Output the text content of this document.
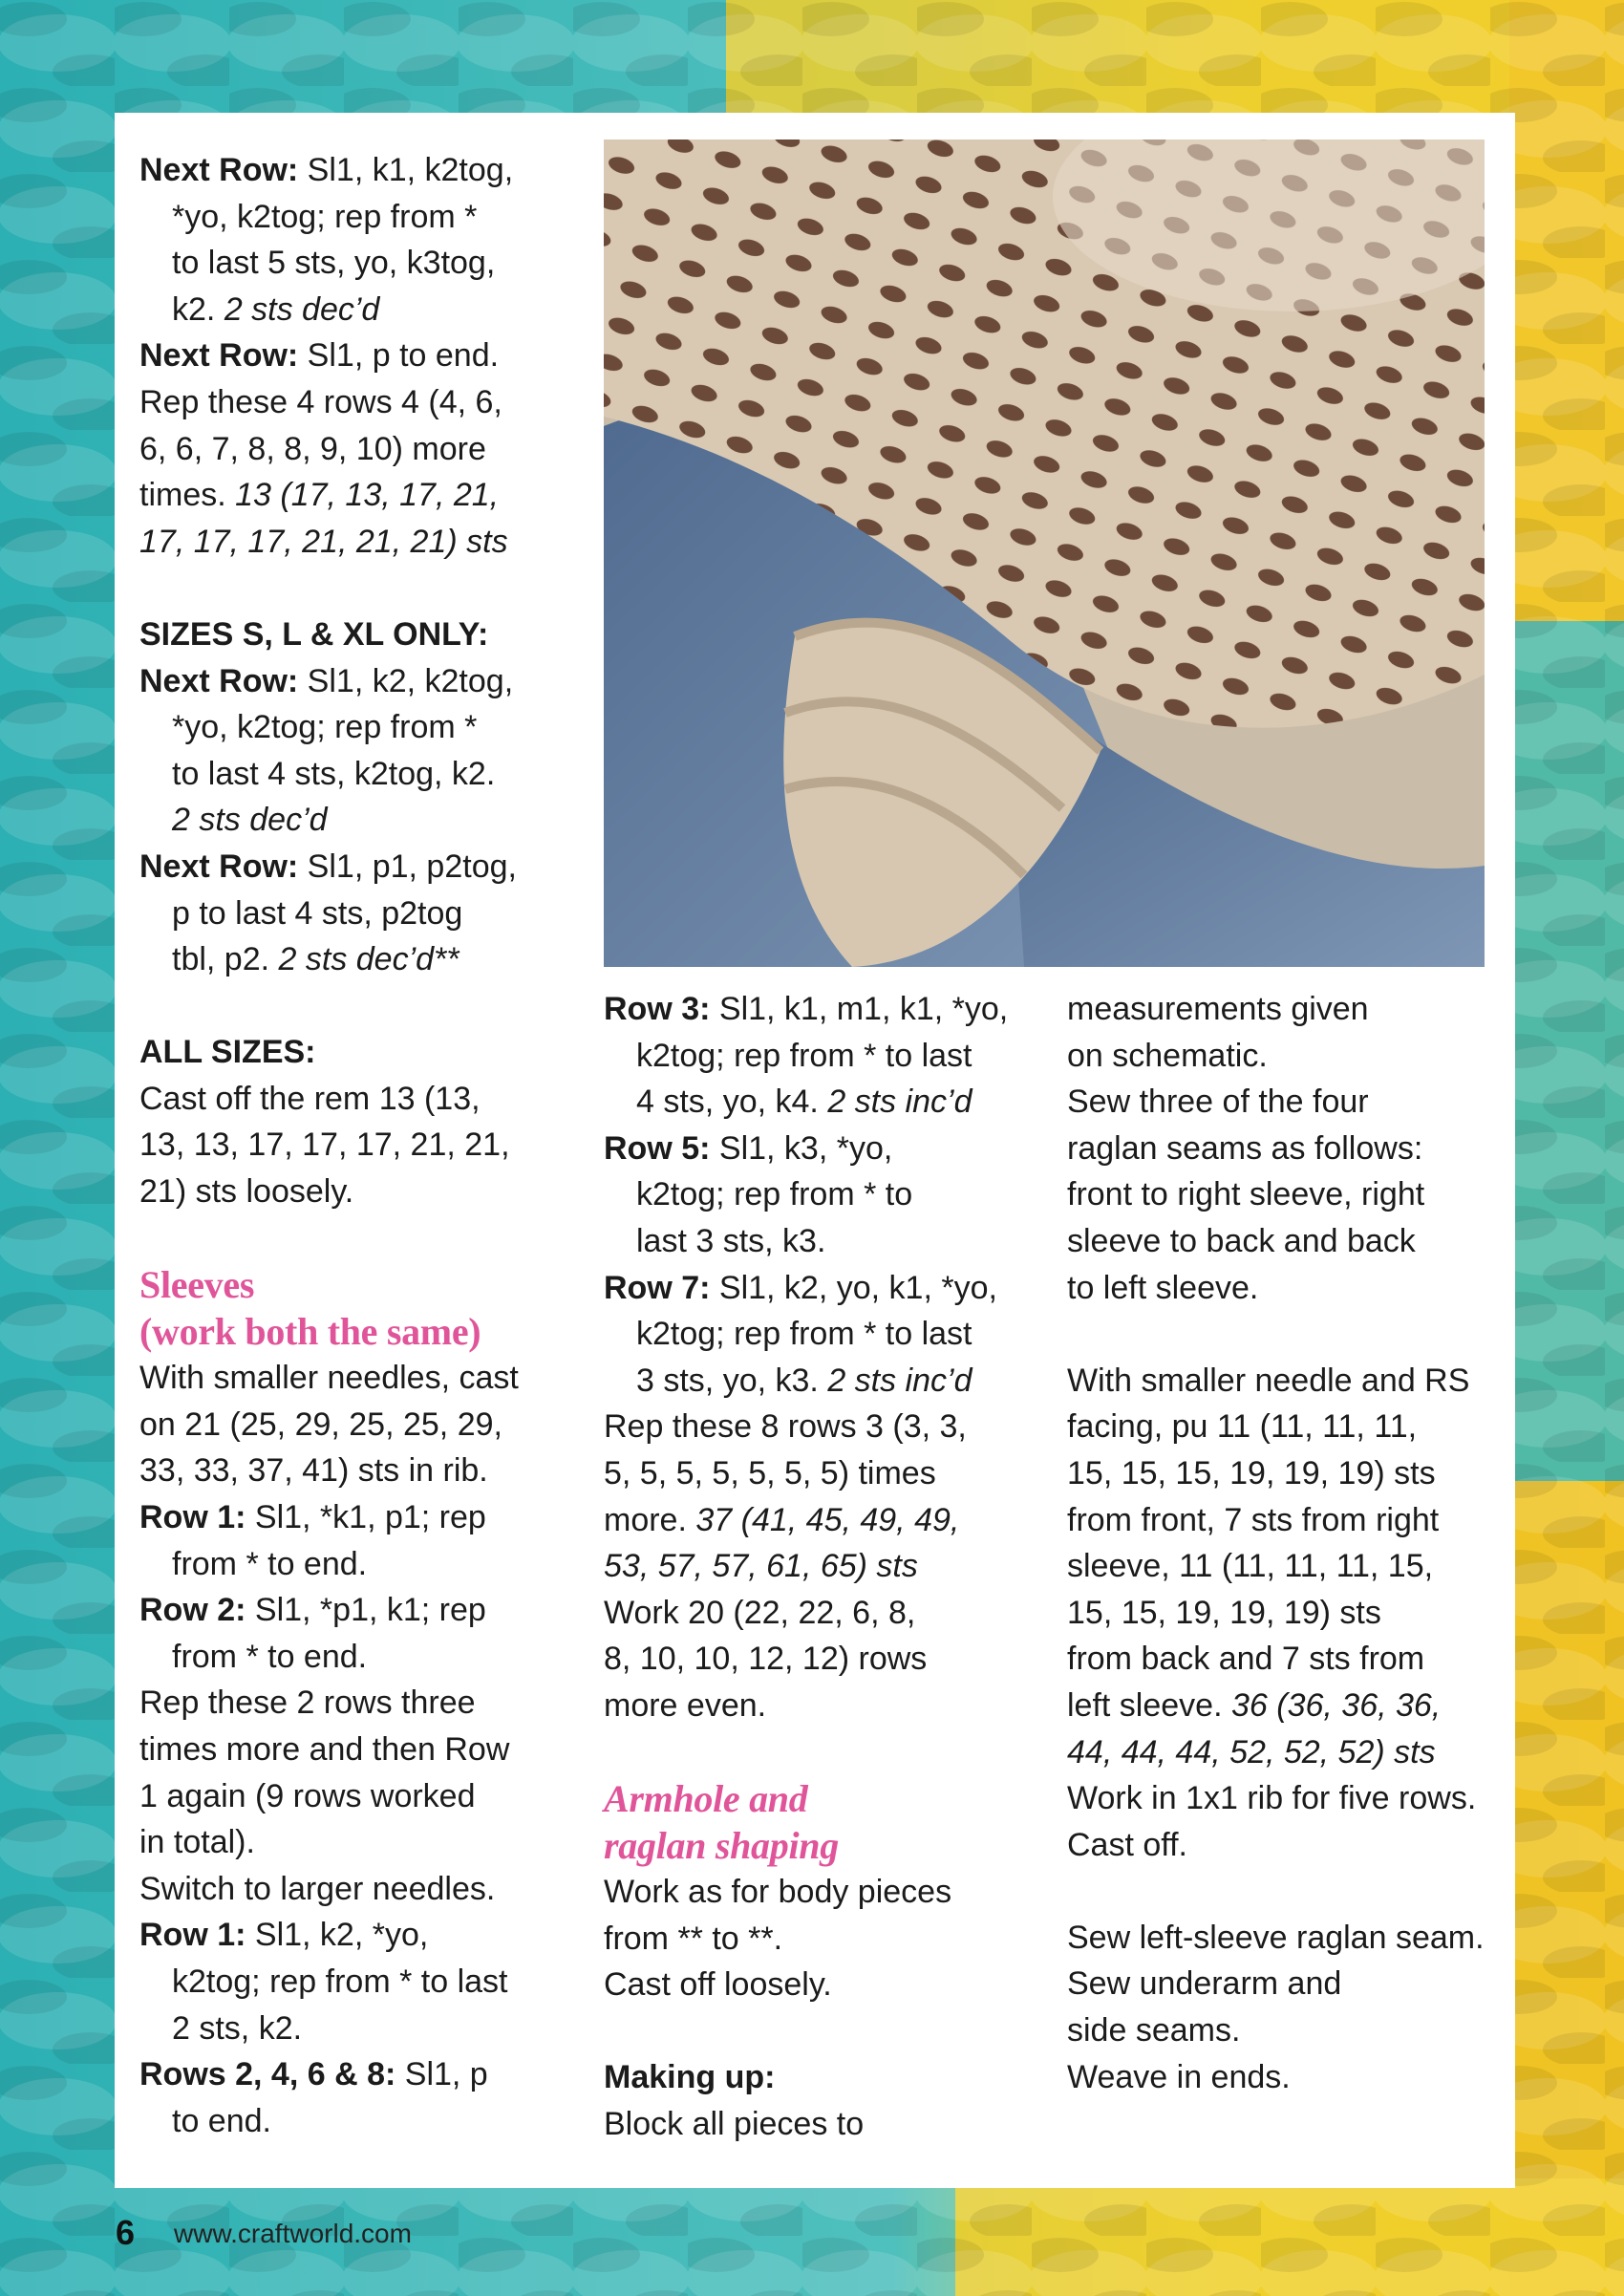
Next Row: Sl1, k1, k2tog,

*yo, k2tog; rep from *

to last 5 sts, yo, k3tog,

k2. 2 sts dec’d

Next Row: Sl1, p to end.

Rep these 4 rows 4 (4, 6,

6, 6, 7, 8, 8, 9, 10) more

times. 13 (17, 13, 17, 21,

17, 17, 17, 21, 21, 21) sts

SIZES S, L & XL ONLY:

Next Row: Sl1, k2, k2tog,

*yo, k2tog; rep from *

to last 4 sts, k2tog, k2.

2 sts dec’d

Next Row: Sl1, p1, p2tog,

p to last 4 sts, p2tog

tbl, p2. 2 sts dec’d**

ALL SIZES:

Cast off the rem 13 (13,

13, 13, 17, 17, 17, 21, 21,

21) sts loosely.

Sleeves

(work both the same)

With smaller needles, cast

on 21 (25, 29, 25, 25, 29,

33, 33, 37, 41) sts in rib.

Row 1: Sl1, *k1, p1; rep

from * to end.

Row 2: Sl1, *p1, k1; rep

from * to end.

Rep these 2 rows three

times more and then Row

1 again (9 rows worked

in total).

Switch to larger needles.

Row 1: Sl1, k2, *yo,

k2tog; rep from * to last

2 sts, k2.

Rows 2, 4, 6 & 8: Sl1, p

to end.

Row 3: Sl1, k1, m1, k1, *yo,

k2tog; rep from * to last

4 sts, yo, k4. 2 sts inc’d

Row 5: Sl1, k3, *yo,

k2tog; rep from * to

last 3 sts, k3.

Row 7: Sl1, k2, yo, k1, *yo,

k2tog; rep from * to last

3 sts, yo, k3. 2 sts inc’d

Rep these 8 rows 3 (3, 3,

5, 5, 5, 5, 5, 5, 5) times

more. 37 (41, 45, 49, 49,

53, 57, 57, 61, 65) sts

Work 20 (22, 22, 6, 8,

8, 10, 10, 12, 12) rows

more even.

Armhole and

raglan shaping

Work as for body pieces

from ** to **.

Cast off loosely.

Making up:

Block all pieces to

measurements given

on schematic.

Sew three of the four

raglan seams as follows:

front to right sleeve, right

sleeve to back and back

to left sleeve.

With smaller needle and RS

facing, pu 11 (11, 11, 11,

15, 15, 15, 19, 19, 19) sts

from front, 7 sts from right

sleeve, 11 (11, 11, 11, 15,

15, 15, 19, 19, 19) sts

from back and 7 sts from

left sleeve. 36 (36, 36, 36,

44, 44, 44, 52, 52, 52) sts

Work in 1x1 rib for five rows.

Cast off.

Sew left-sleeve raglan seam.

Sew underarm and

side seams.

Weave in ends.

6 www.craftworld.com
